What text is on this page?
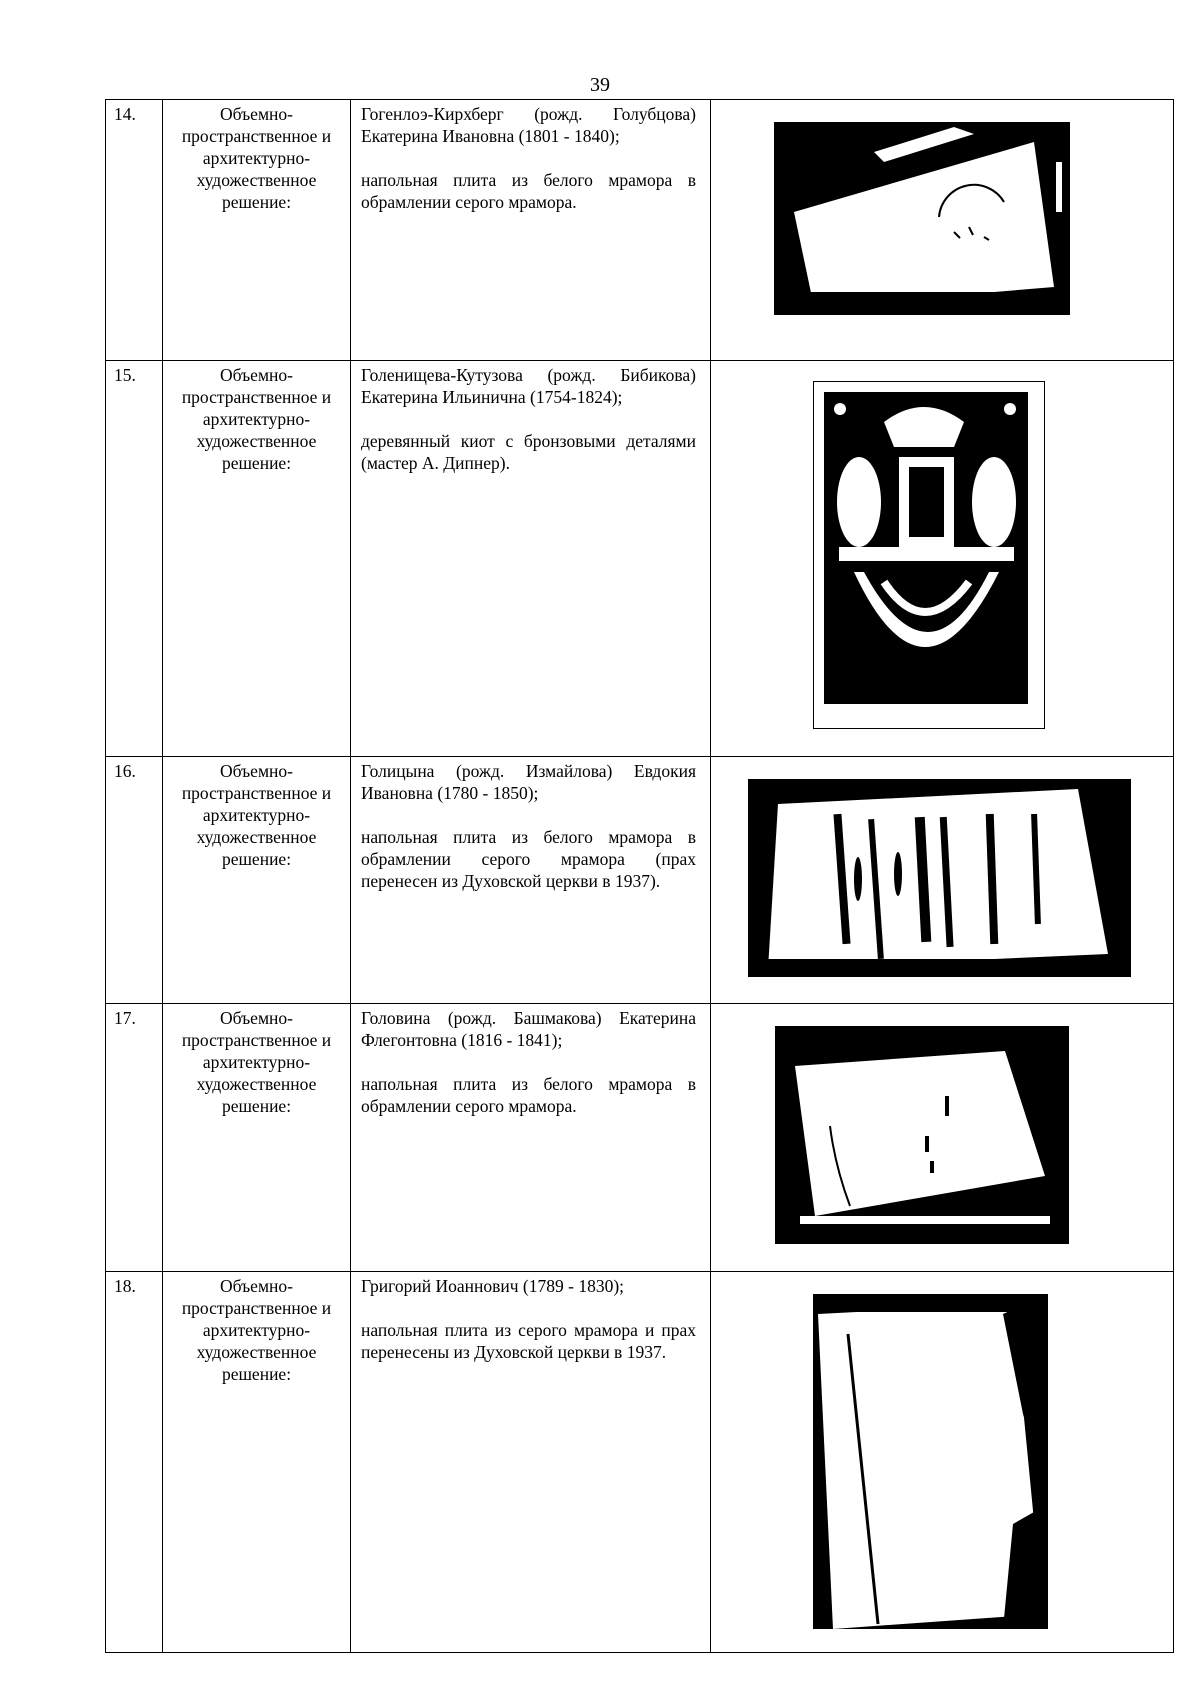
39
14.	Объемно-пространственное и архитектурно-художественное решение:	Гогенлоэ-Кирхберг (рожд. Голубцова) Екатерина Ивановна (1801 - 1840);

напольная плита из белого мрамора в обрамлении серого мрамора.

15.	Объемно-пространственное и архитектурно-художественное решение:	Голенищева-Кутузова (рожд. Бибикова) Екатерина Ильинична (1754-1824);

деревянный киот с бронзовыми деталями (мастер А. Дипнер).

16.	Объемно-пространственное и архитектурно-художественное решение:	Голицына (рожд. Измайлова) Евдокия Ивановна (1780 - 1850);

напольная плита из белого мрамора в обрамлении серого мрамора (прах перенесен из Духовской церкви в 1937).

17.	Объемно-пространственное и архитектурно-художественное решение:	Головина (рожд. Башмакова) Екатерина Флегонтовна (1816 - 1841);

напольная плита из белого мрамора в обрамлении серого мрамора.

18.	Объемно-пространственное и архитектурно-художественное решение:	Григорий Иоаннович (1789 - 1830);

напольная плита из серого мрамора и прах перенесены из Духовской церкви в 1937.
